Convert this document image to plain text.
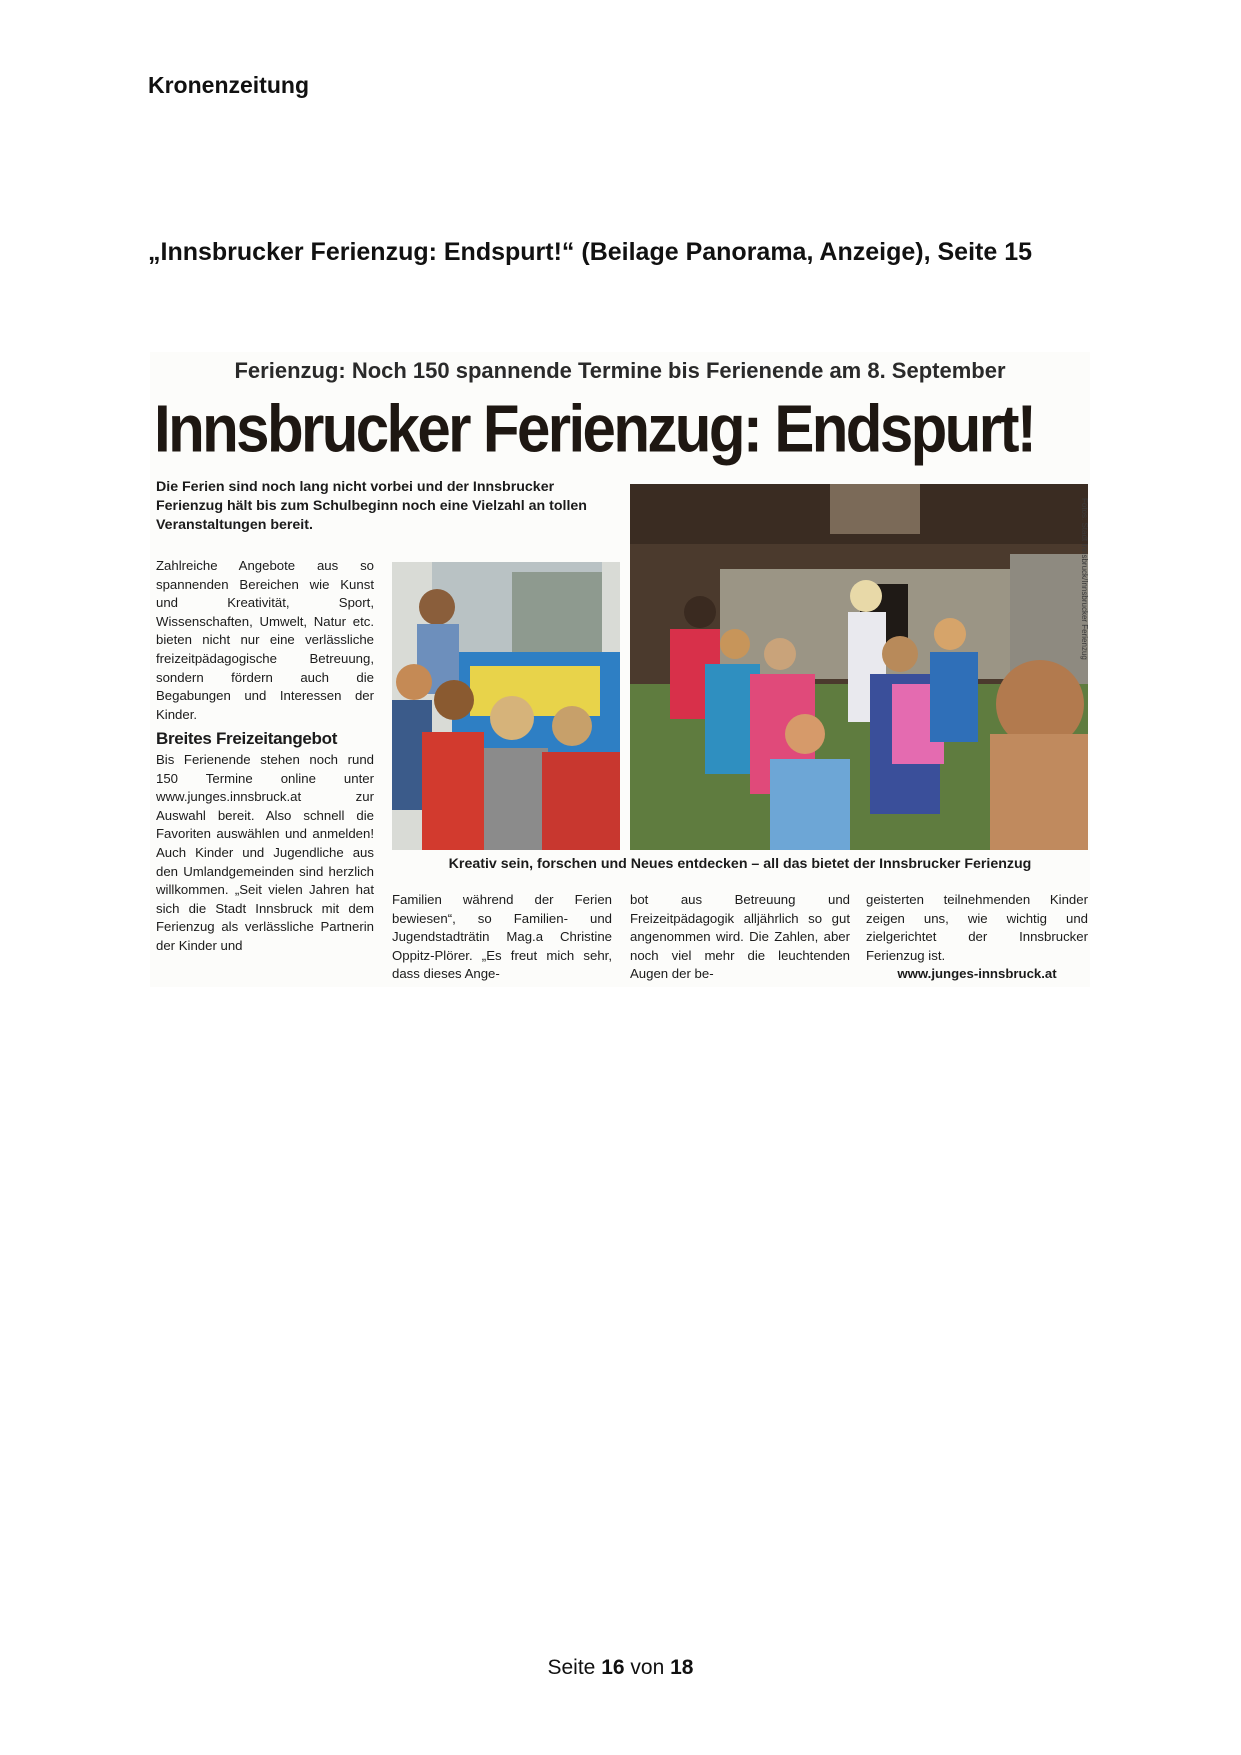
Kronenzeitung
„Innsbrucker Ferienzug: Endspurt!“ (Beilage Panorama, Anzeige), Seite 15
Ferienzug: Noch 150 spannende Termine bis Ferienende am 8. September
Innsbrucker Ferienzug: Endspurt!
Die Ferien sind noch lang nicht vorbei und der Innsbrucker Ferienzug hält bis zum Schulbeginn noch eine Vielzahl an tollen Veranstaltungen bereit.

Zahlreiche Angebote aus so spannenden Bereichen wie Kunst und Kreativität, Sport, Wissenschaften, Umwelt, Natur etc. bieten nicht nur eine verlässliche freizeitpädagogische Betreuung, sondern fördern auch die Begabungen und Interessen der Kinder.

Breites Freizeitangebot

Bis Ferienende stehen noch rund 150 Termine online unter www.junges.innsbruck.at zur Auswahl bereit. Also schnell die Favoriten auswählen und anmelden! Auch Kinder und Jugendliche aus den Umlandgemeinden sind herzlich willkommen. „Seit vielen Jahren hat sich die Stadt Innsbruck mit dem Ferienzug als verlässliche Partnerin der Kinder und

Fotos: Stadt Innsbruck/Innsbrucker Ferienzug
Kreativ sein, forschen und Neues entdecken – all das bietet der Innsbrucker Ferienzug

Familien während der Ferien bewiesen“, so Familien- und Jugendstadträtin Mag.a Christine Oppitz-Plörer. „Es freut mich sehr, dass dieses Ange-

bot aus Betreuung und Freizeitpädagogik alljährlich so gut angenommen wird. Die Zahlen, aber noch viel mehr die leuchtenden Augen der be-

geisterten teilnehmenden Kinder zeigen uns, wie wichtig und zielgerichtet der Innsbrucker Ferienzug ist.

www.junges-innsbruck.at

Seite 16 von 18
